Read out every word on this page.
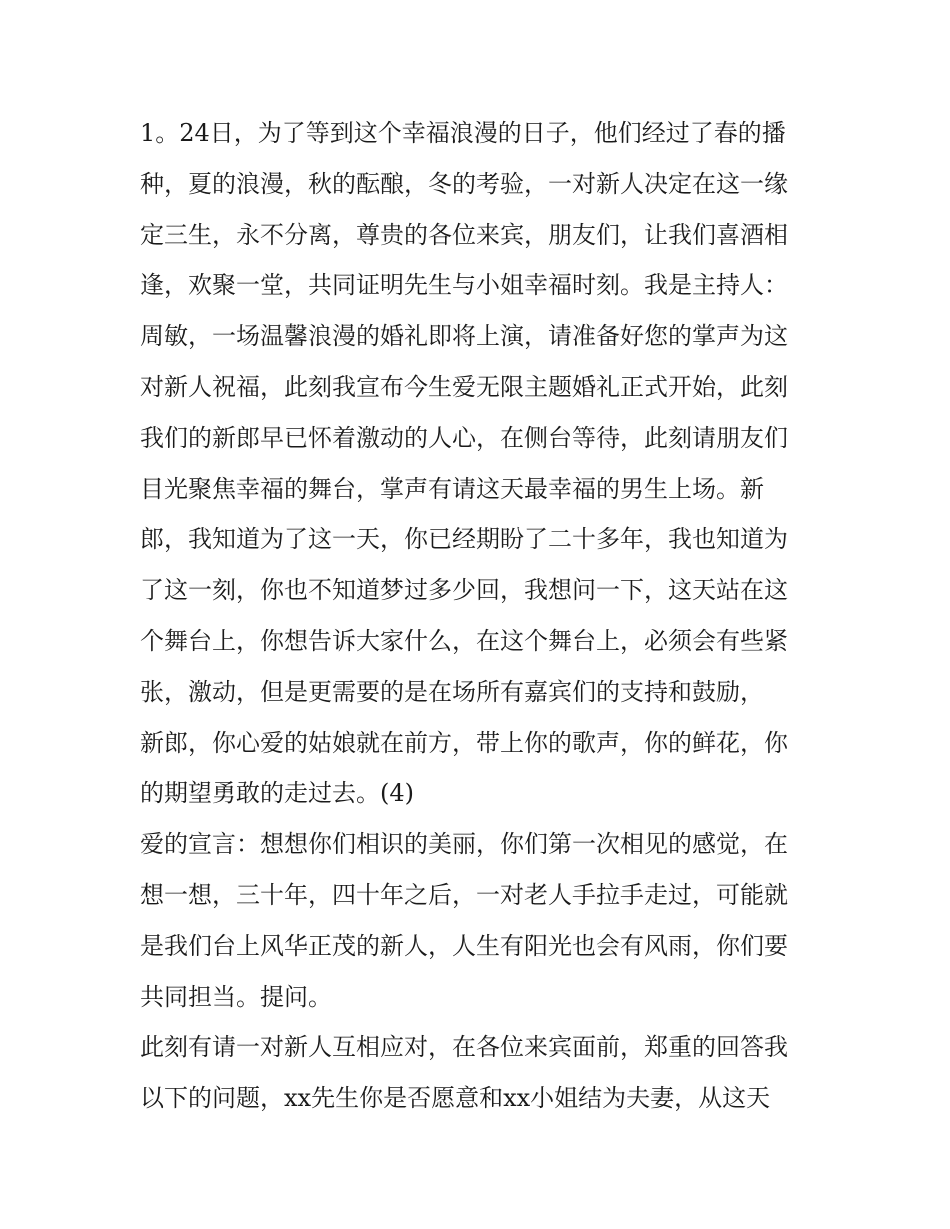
1。24日，为了等到这个幸福浪漫的日子，他们经过了春的播
种，夏的浪漫，秋的酝酿，冬的考验，一对新人决定在这一缘
定三生，永不分离，尊贵的各位来宾，朋友们，让我们喜酒相
逢，欢聚一堂，共同证明先生与小姐幸福时刻。我是主持人：
周敏，一场温馨浪漫的婚礼即将上演，请准备好您的掌声为这
对新人祝福，此刻我宣布今生爱无限主题婚礼正式开始，此刻
我们的新郎早已怀着激动的人心，在侧台等待，此刻请朋友们
目光聚焦幸福的舞台，掌声有请这天最幸福的男生上场。新
郎，我知道为了这一天，你已经期盼了二十多年，我也知道为
了这一刻，你也不知道梦过多少回，我想问一下，这天站在这
个舞台上，你想告诉大家什么，在这个舞台上，必须会有些紧
张，激动，但是更需要的是在场所有嘉宾们的支持和鼓励，
新郎，你心爱的姑娘就在前方，带上你的歌声，你的鲜花，你
的期望勇敢的走过去。(4)
爱的宣言：想想你们相识的美丽，你们第一次相见的感觉，在
想一想，三十年，四十年之后，一对老人手拉手走过，可能就
是我们台上风华正茂的新人，人生有阳光也会有风雨，你们要
共同担当。提问。
此刻有请一对新人互相应对，在各位来宾面前，郑重的回答我
以下的问题，xx先生你是否愿意和xx小姐结为夫妻，从这天
